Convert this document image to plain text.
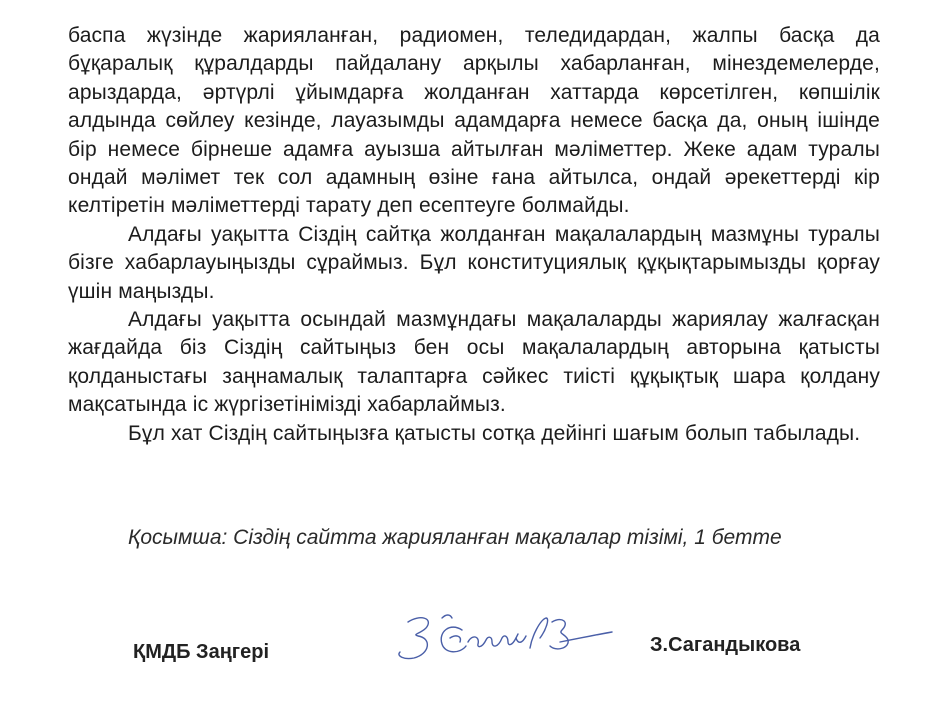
баспа жүзінде жарияланған, радиомен, теледидардан, жалпы басқа да бұқаралық құралдарды пайдалану арқылы хабарланған, мінездемелерде, арыздарда, әртүрлі ұйымдарға жолданған хаттарда көрсетілген, көпшілік алдында сөйлеу кезінде, лауазымды адамдарға немесе басқа да, оның ішінде бір немесе бірнеше адамға ауызша айтылған мәліметтер. Жеке адам туралы ондай мәлімет тек сол адамның өзіне ғана айтылса, ондай әрекеттерді кір келтіретін мәліметтерді тарату деп есептеуге болмайды.

Алдағы уақытта Сіздің сайтқа жолданған мақалалардың мазмұны туралы бізге хабарлауыңызды сұраймыз. Бұл конституциялық құқықтарымызды қорғау үшін маңызды.

Алдағы уақытта осындай мазмұндағы мақалаларды жариялау жалғасқан жағдайда біз Сіздің сайтыңыз бен осы мақалалардың авторына қатысты қолданыстағы заңнамалық талаптарға сәйкес тиісті құқықтық шара қолдану мақсатында іс жүргізетінімізді хабарлаймыз.

Бұл хат Сіздің сайтыңызға қатысты сотқа дейінгі шағым болып табылады.

Қосымша: Сіздің сайтта жарияланған мақалалар тізімі, 1 бетте

ҚМДБ Заңгері	З.Сагандыкова
